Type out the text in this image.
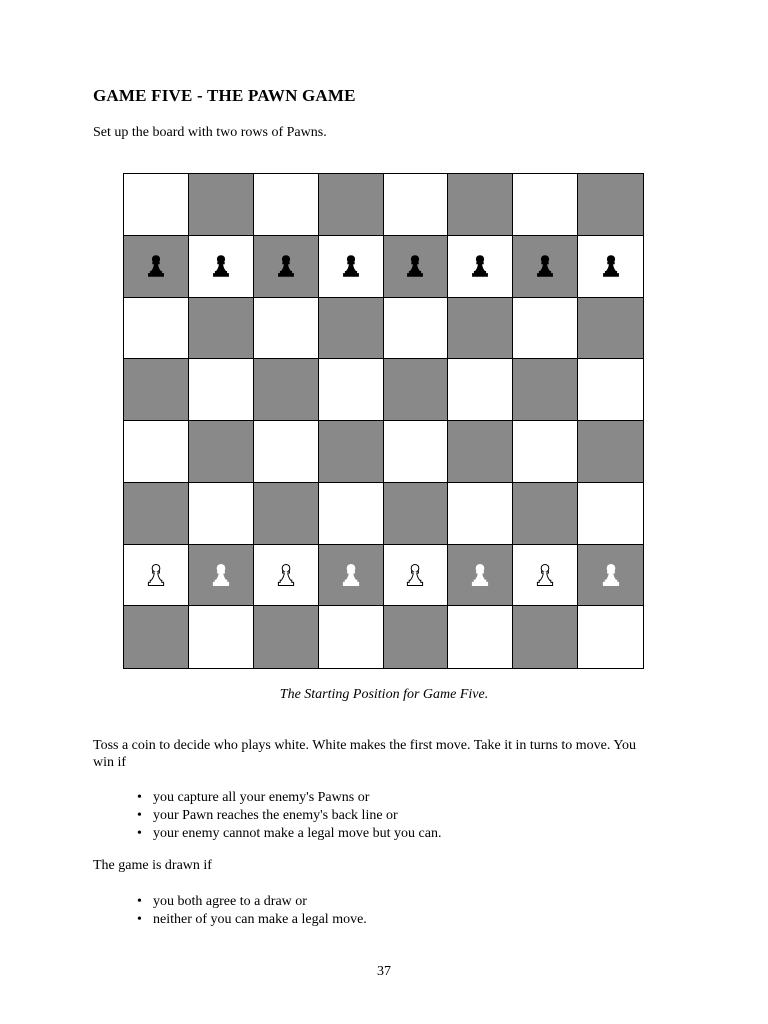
GAME FIVE - THE PAWN GAME

Set up the board with two rows of Pawns.

The Starting Position for Game Five.

Toss a coin to decide who plays white. White makes the first move. Take it in turns to move. You win if

• you capture all your enemy's Pawns or
• your Pawn reaches the enemy's back line or
• your enemy cannot make a legal move but you can.

The game is drawn if

• you both agree to a draw or
• neither of you can make a legal move.

37
